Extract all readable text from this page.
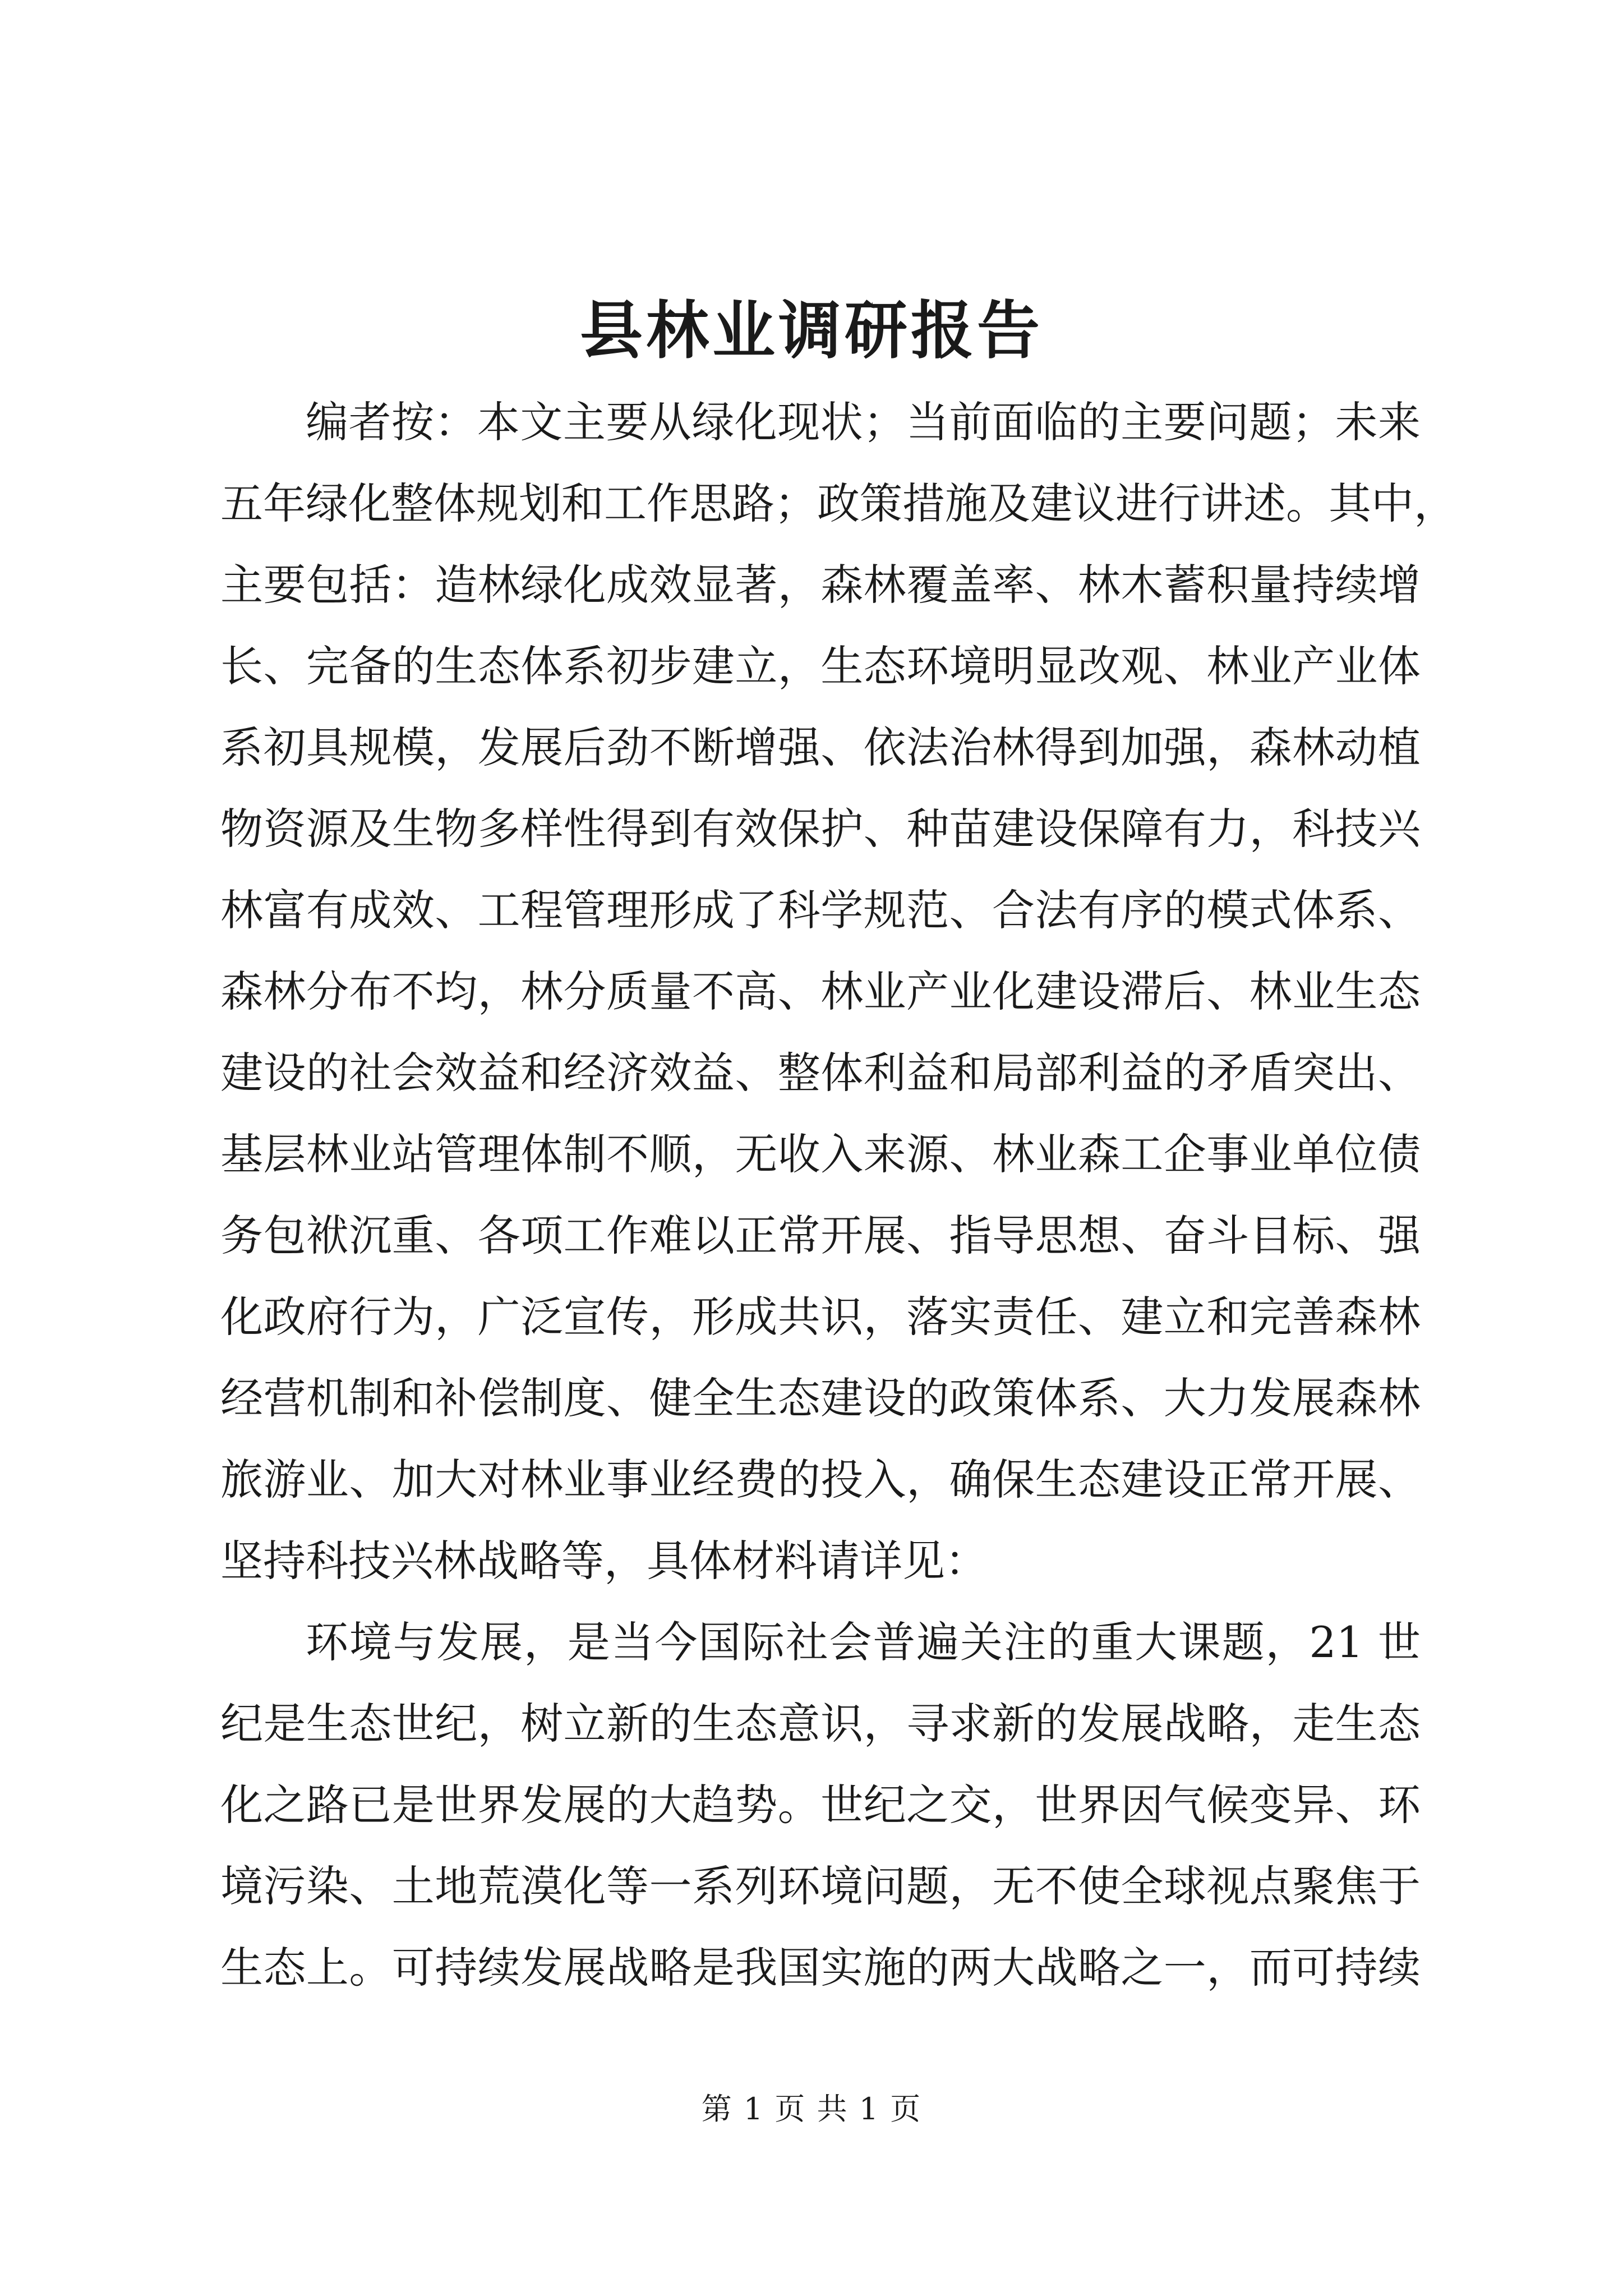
县林业调研报告
编者按：本文主要从绿化现状；当前面临的主要问题；未来
五年绿化整体规划和工作思路；政策措施及建议进行讲述。其中，
主要包括：造林绿化成效显著，森林覆盖率、林木蓄积量持续增
长、完备的生态体系初步建立，生态环境明显改观、林业产业体
系初具规模，发展后劲不断增强、依法治林得到加强，森林动植
物资源及生物多样性得到有效保护、种苗建设保障有力，科技兴
林富有成效、工程管理形成了科学规范、合法有序的模式体系、
森林分布不均，林分质量不高、林业产业化建设滞后、林业生态
建设的社会效益和经济效益、整体利益和局部利益的矛盾突出、
基层林业站管理体制不顺，无收入来源、林业森工企事业单位债
务包袱沉重、各项工作难以正常开展、指导思想、奋斗目标、强
化政府行为，广泛宣传，形成共识，落实责任、建立和完善森林
经营机制和补偿制度、健全生态建设的政策体系、大力发展森林
旅游业、加大对林业事业经费的投入，确保生态建设正常开展、
坚持科技兴林战略等，具体材料请详见：
环境与发展，是当今国际社会普遍关注的重大课题，21 世
纪是生态世纪，树立新的生态意识，寻求新的发展战略，走生态
化之路已是世界发展的大趋势。世纪之交，世界因气候变异、环
境污染、土地荒漠化等一系列环境问题，无不使全球视点聚焦于
生态上。可持续发展战略是我国实施的两大战略之一，而可持续
第 1 页 共 1 页
